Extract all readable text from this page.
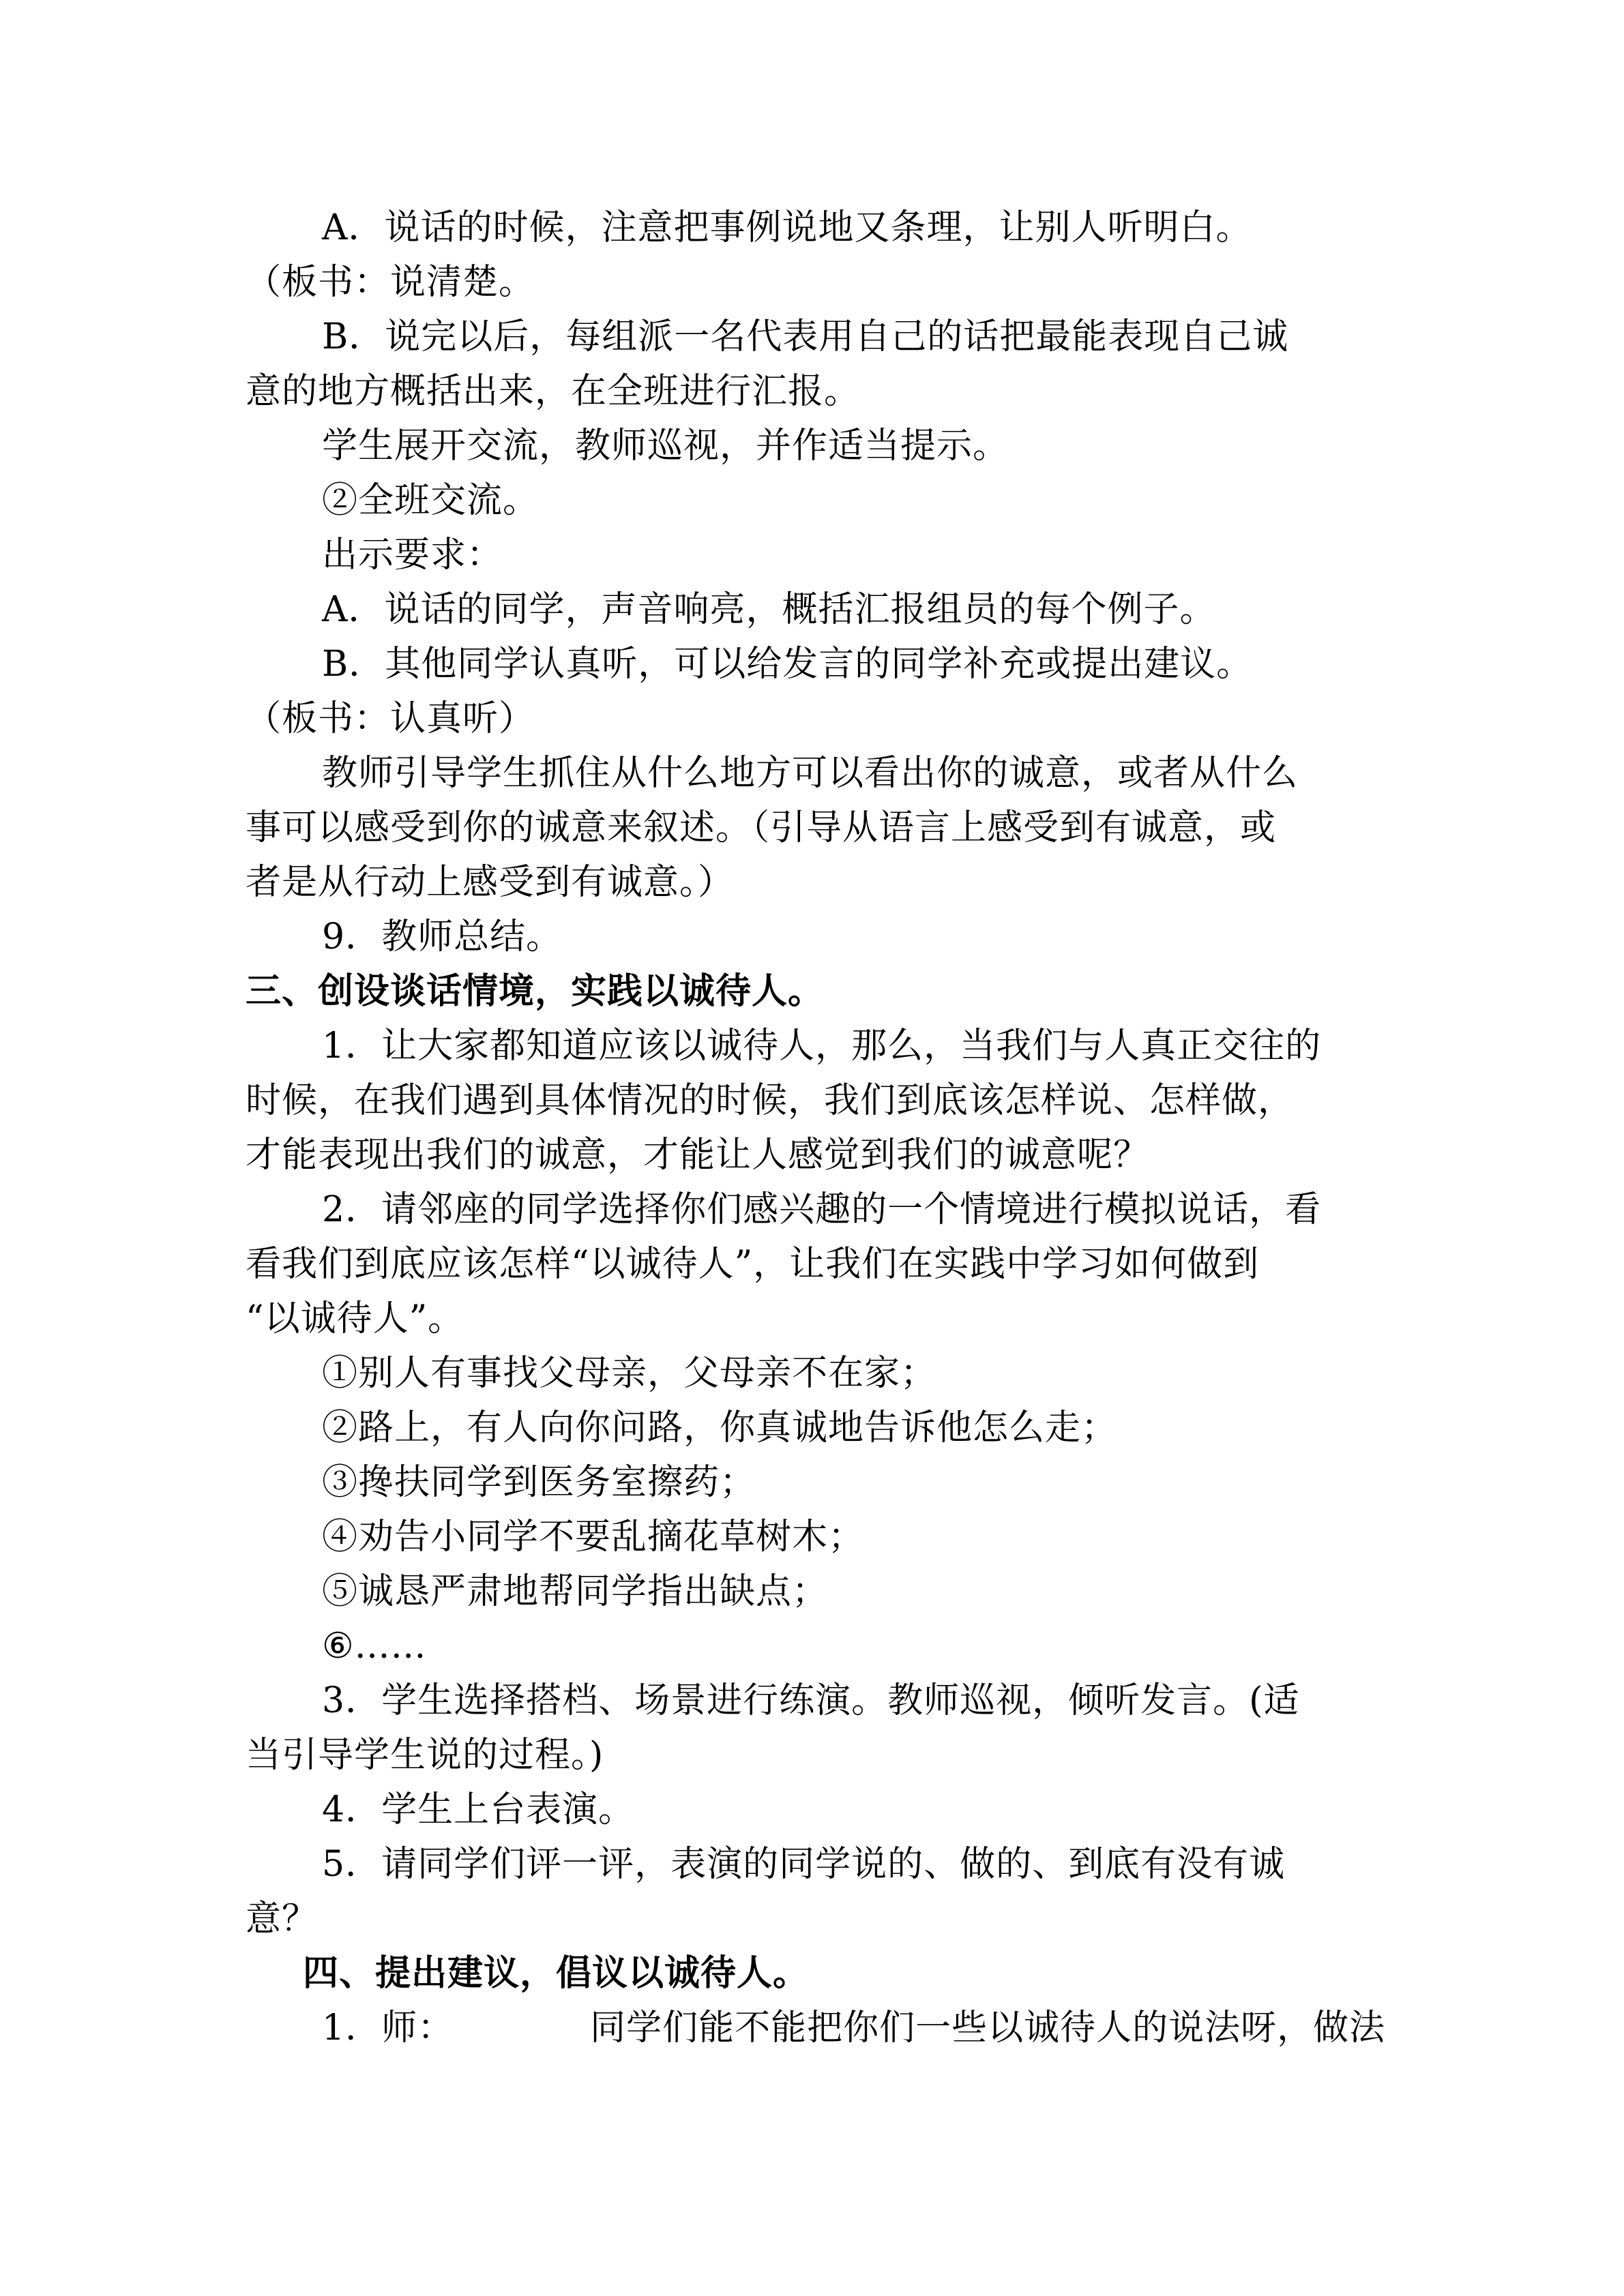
A．说话的时候，注意把事例说地又条理，让别人听明白。
（板书：说清楚。
B．说完以后，每组派一名代表用自己的话把最能表现自己诚
意的地方概括出来，在全班进行汇报。
学生展开交流，教师巡视，并作适当提示。
②全班交流。
出示要求：
A．说话的同学，声音响亮，概括汇报组员的每个例子。
B．其他同学认真听，可以给发言的同学补充或提出建议。
（板书：认真听）
教师引导学生抓住从什么地方可以看出你的诚意，或者从什么
事可以感受到你的诚意来叙述。（引导从语言上感受到有诚意，或
者是从行动上感受到有诚意。）
9．教师总结。
三、创设谈话情境，实践以诚待人。
1．让大家都知道应该以诚待人，那么，当我们与人真正交往的
时候，在我们遇到具体情况的时候，我们到底该怎样说、怎样做，
才能表现出我们的诚意，才能让人感觉到我们的诚意呢？
2．请邻座的同学选择你们感兴趣的一个情境进行模拟说话，看
看我们到底应该怎样“以诚待人”，让我们在实践中学习如何做到
“以诚待人”。
①别人有事找父母亲，父母亲不在家；
②路上，有人向你问路，你真诚地告诉他怎么走；
③搀扶同学到医务室擦药；
④劝告小同学不要乱摘花草树木；
⑤诚恳严肃地帮同学指出缺点；
⑥……
3．学生选择搭档、场景进行练演。教师巡视，倾听发言。(适
当引导学生说的过程。)
4．学生上台表演。
5．请同学们评一评，表演的同学说的、做的、到底有没有诚
意？
四、提出建议，倡议以诚待人。
1．师：	同学们能不能把你们一些以诚待人的说法呀，做法
